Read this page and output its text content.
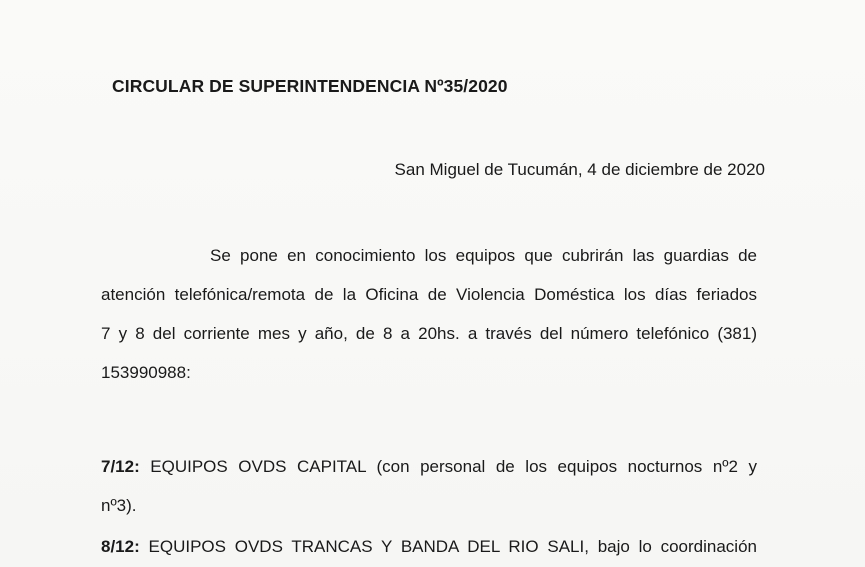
CIRCULAR DE SUPERINTENDENCIA Nº35/2020
San Miguel de Tucumán, 4 de diciembre de 2020
Se pone en conocimiento los equipos que cubrirán las guardias de
atención telefónica/remota de la Oficina de Violencia Doméstica los días feriados
7 y 8 del corriente mes y año, de 8 a 20hs. a través del número telefónico (381)
153990988:
7/12: EQUIPOS OVDS CAPITAL (con personal de los equipos nocturnos nº2 y
nº3).
8/12: EQUIPOS OVDS TRANCAS Y BANDA DEL RIO SALI, bajo lo coordinación
